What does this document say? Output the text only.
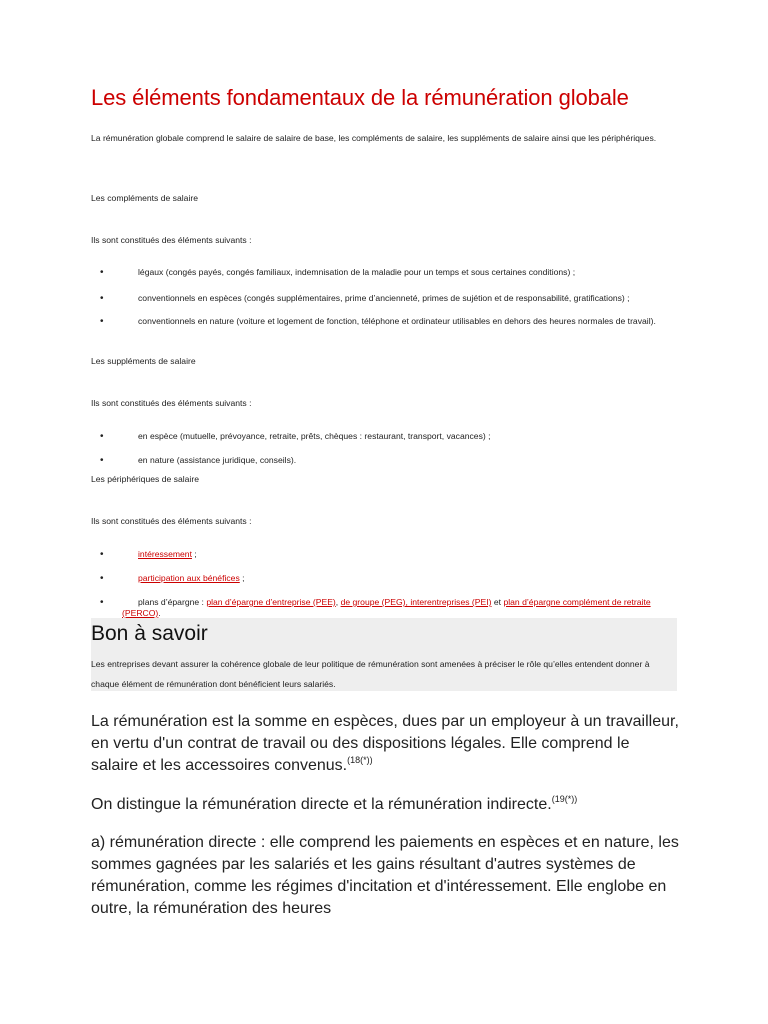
Les éléments fondamentaux de la rémunération globale

La rémunération globale comprend le salaire de salaire de base, les compléments de salaire, les suppléments de salaire ainsi que les périphériques.

Les compléments de salaire

Ils sont constitués des éléments suivants :

•	légaux (congés payés, congés familiaux, indemnisation de la maladie pour un temps et sous certaines conditions) ;
•	conventionnels en espèces (congés supplémentaires, prime d’ancienneté, primes de sujétion et de responsabilité, gratifications) ;
•	conventionnels en nature (voiture et logement de fonction, téléphone et ordinateur utilisables en dehors des heures normales de travail).

Les suppléments de salaire

Ils sont constitués des éléments suivants :

•	en espèce (mutuelle, prévoyance, retraite, prêts, chèques : restaurant, transport, vacances) ;
•	en nature (assistance juridique, conseils).

Les périphériques de salaire

Ils sont constitués des éléments suivants :

•	intéressement ;
•	participation aux bénéfices ;
•	plans d’épargne : plan d’épargne d’entreprise (PEE), de groupe (PEG), interentreprises (PEI) et plan d’épargne complément de retraite (PERCO).
Bon à savoir

Les entreprises devant assurer la cohérence globale de leur politique de rémunération sont amenées à préciser le rôle qu’elles entendent donner à chaque élément de rémunération dont bénéficient leurs salariés.

La rémunération est la somme en espèces, dues par un employeur à un travailleur, en vertu d'un contrat de travail ou des dispositions légales. Elle comprend le salaire et les accessoires convenus.$^{(18(*))}$

On distingue la rémunération directe et la rémunération indirecte.$^{(19(*))}$

a) rémunération directe : elle comprend les paiements en espèces et en nature, les sommes gagnées par les salariés et les gains résultant d'autres systèmes de rémunération, comme les régimes d'incitation et d'intéressement. Elle englobe en outre, la rémunération des heures
